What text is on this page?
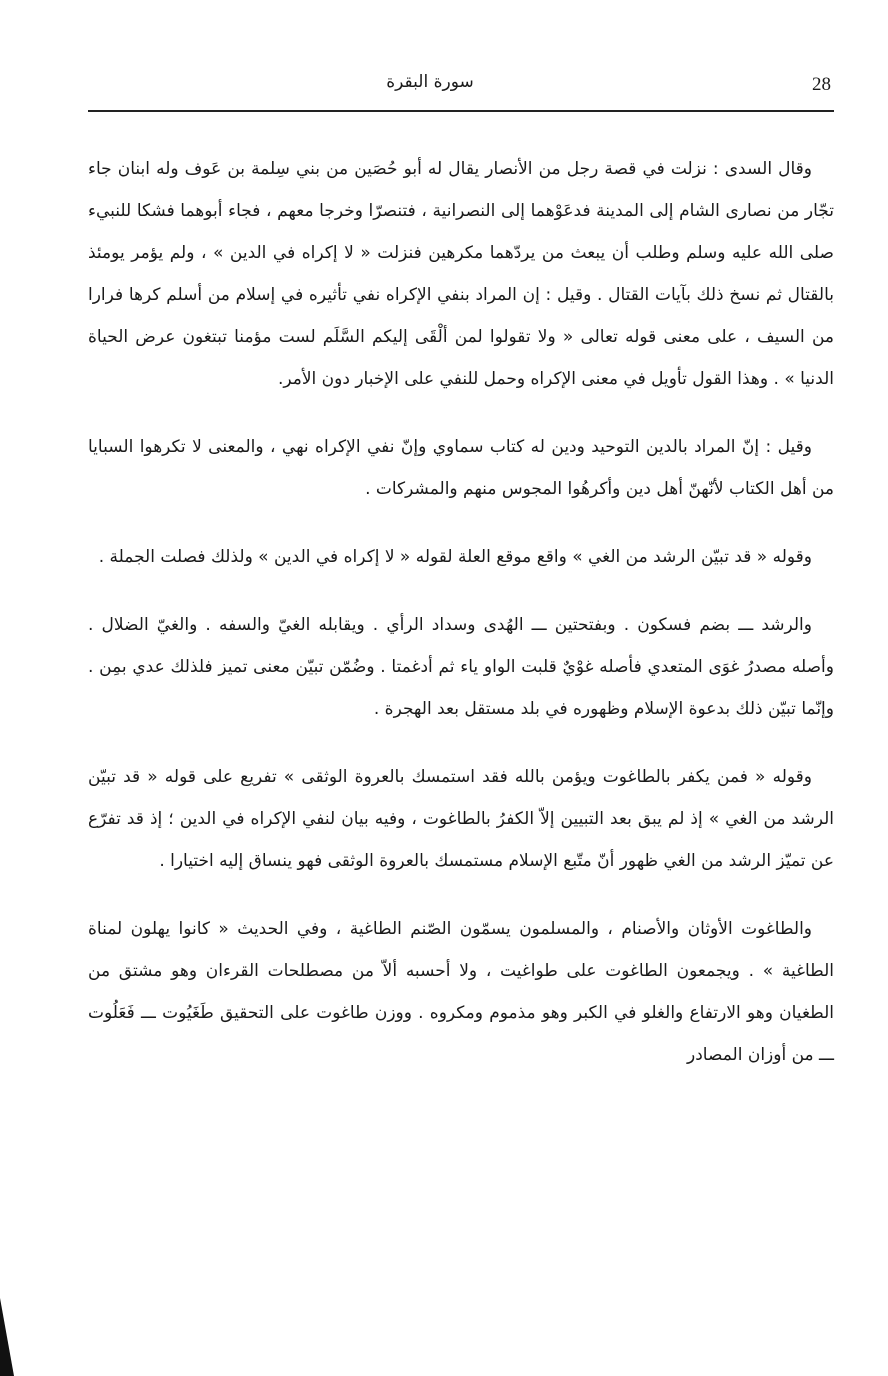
28
سورة البقرة

وقال السدى : نزلت في قصة رجل من الأنصار يقال له أبو حُصَين من بني سِلمة بن عَوف وله ابنان جاء تجّار من نصارى الشام إلى المدينة فدعَوْهما إلى النصرانية ، فتنصرّا وخرجا معهم ، فجاء أبوهما فشكا للنبيء صلى الله عليه وسلم وطلب أن يبعث من يردّهما مكرهين فنزلت « لا إكراه في الدين » ، ولم يؤمر يومئذ بالقتال ثم نسخ ذلك بآيات القتال . وقيل : إن المراد بنفي الإكراه نفي تأثيره في إسلام من أسلم كرها فرارا من السيف ، على معنى قوله تعالى « ولا تقولوا لمن ألْقَى إليكم السَّلَم لست مؤمنا تبتغون عرض الحياة الدنيا » . وهذا القول تأويل في معنى الإكراه وحمل للنفي على الإخبار دون الأمر.

وقيل : إنّ المراد بالدين التوحيد ودين له كتاب سماوي وإنّ نفي الإكراه نهي ، والمعنى لا تكرهوا السبايا من أهل الكتاب لأنّهنّ أهل دين وأكرهُوا المجوس منهم والمشركات .

وقوله « قد تبيّن الرشد من الغي » واقع موقع العلة لقوله « لا إكراه في الدين » ولذلك فصلت الجملة .

والرشد ـــ بضم فسكون . وبفتحتين ـــ الهُدى وسداد الرأي . ويقابله الغيّ والسفه . والغيّ الضلال . وأصله مصدرُ غوَى المتعدي فأصله غوْيٌ قلبت الواو ياء ثم أدغمتا . وضُمّن تبيّن معنى تميز فلذلك عدي بمِن . وإنّما تبيّن ذلك بدعوة الإسلام وظهوره في بلد مستقل بعد الهجرة .

وقوله « فمن يكفر بالطاغوت ويؤمن بالله فقد استمسك بالعروة الوثقى » تفريع على قوله « قد تبيّن الرشد من الغي » إذ لم يبق بعد التبيين إلاّ الكفرُ بالطاغوت ، وفيه بيان لنفي الإكراه في الدين ؛ إذ قد تفرّع عن تميّز الرشد من الغي ظهور أنّ متّبع الإسلام مستمسك بالعروة الوثقى فهو ينساق إليه اختيارا .

والطاغوت الأوثان والأصنام ، والمسلمون يسمّون الصّنم الطاغية ، وفي الحديث « كانوا يهلون لمناة الطاغية » . ويجمعون الطاغوت على طواغيت ، ولا أحسبه ألاّ من مصطلحات القرءان وهو مشتق من الطغيان وهو الارتفاع والغلو في الكبر وهو مذموم ومكروه . ووزن طاغوت على التحقيق طَغَيُوت ـــ فَعَلُوت ـــ من أوزان المصادر
